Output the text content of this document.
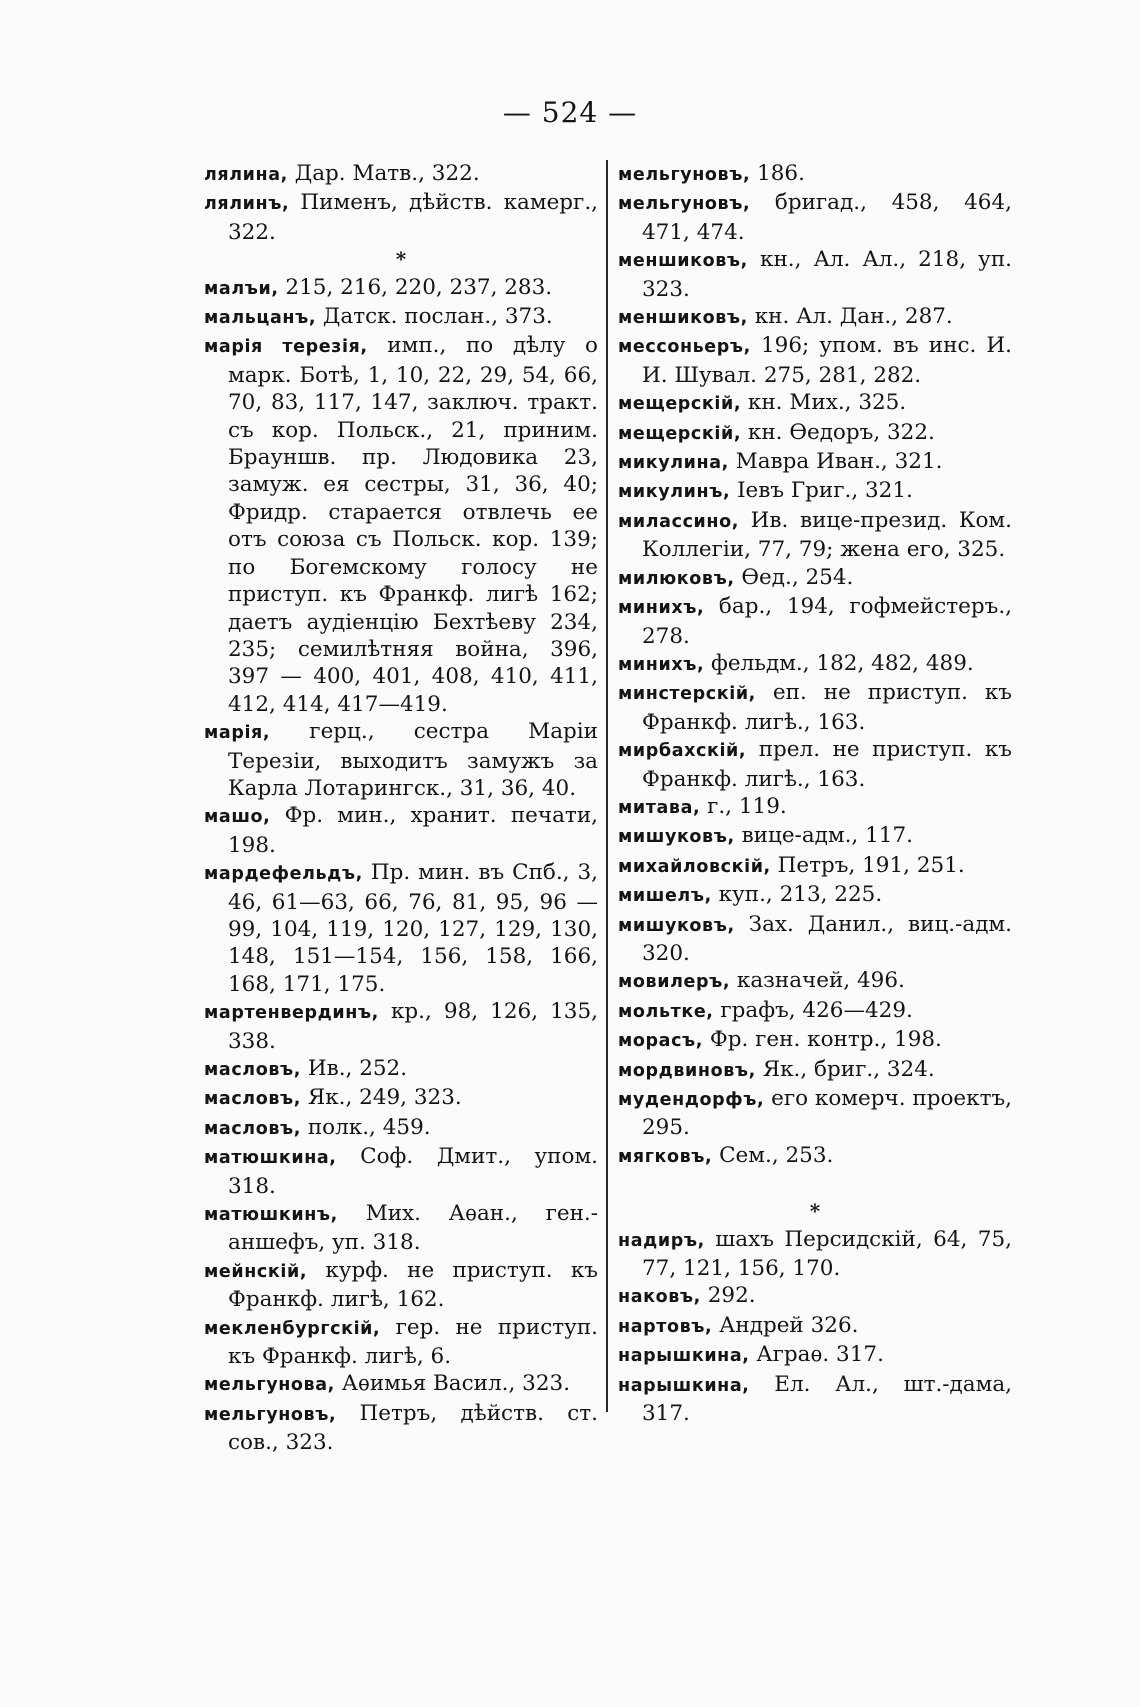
— 524 —
лялина, Дар. Матв., 322.
лялинъ, Пименъ, дѣйств. камерг., 322.
*
малъи, 215, 216, 220, 237, 283.
мальцанъ, Датск. послан., 373.
марія терезія, имп., по дѣлу о марк. Ботѣ, 1, 10, 22, 29, 54, 66, 70, 83, 117, 147, заключ. тракт. съ кор. Польск., 21, приним. Брауншв. пр. Людовика 23, замуж. ея сестры, 31, 36, 40; Фридр. старается отвлечь ее отъ союза съ Польск. кор. 139; по Богемскому голосу не приступ. къ Франкф. лигѣ 162; даетъ аудіенцію Бехтѣеву 234, 235; семилѣтняя война, 396, 397 — 400, 401, 408, 410, 411, 412, 414, 417—419.
марія, герц., сестра Маріи Терезіи, выходитъ замужъ за Карла Лотарингск., 31, 36, 40.
машо, Фр. мин., хранит. печати, 198.
мардефельдъ, Пр. мин. въ Спб., 3, 46, 61—63, 66, 76, 81, 95, 96 — 99, 104, 119, 120, 127, 129, 130, 148, 151—154, 156, 158, 166, 168, 171, 175.
мартенвердинъ, кр., 98, 126, 135, 338.
масловъ, Ив., 252.
масловъ, Як., 249, 323.
масловъ, полк., 459.
матюшкина, Соф. Дмит., упом. 318.
матюшкинъ, Мих. Аѳан., ген.-аншефъ, уп. 318.
мейнскій, курф. не приступ. къ Франкф. лигѣ, 162.
мекленбургскій, гер. не приступ. къ Франкф. лигѣ, 6.
мельгунова, Аѳимья Васил., 323.
мельгуновъ, Петръ, дѣйств. ст. сов., 323.
мельгуновъ, 186.
мельгуновъ, бригад., 458, 464, 471, 474.
меншиковъ, кн., Ал. Ал., 218, уп. 323.
меншиковъ, кн. Ал. Дан., 287.
мессоньеръ, 196; упом. въ инс. И. И. Шувал. 275, 281, 282.
мещерскій, кн. Мих., 325.
мещерскій, кн. Ѳедоръ, 322.
микулина, Мавра Иван., 321.
микулинъ, Іевъ Григ., 321.
милассино, Ив. вице-презид. Ком. Коллегіи, 77, 79; жена его, 325.
милюковъ, Ѳед., 254.
минихъ, бар., 194, гофмейстеръ., 278.
минихъ, фельдм., 182, 482, 489.
минстерскій, еп. не приступ. къ Франкф. лигѣ., 163.
мирбахскій, прел. не приступ. къ Франкф. лигѣ., 163.
митава, г., 119.
мишуковъ, вице-адм., 117.
михайловскій, Петръ, 191, 251.
мишелъ, куп., 213, 225.
мишуковъ, Зах. Данил., виц.-адм. 320.
мовилеръ, казначей, 496.
мольтке, графъ, 426—429.
морасъ, Фр. ген. контр., 198.
мордвиновъ, Як., бриг., 324.
мудендорфъ, его комерч. проектъ, 295.
мягковъ, Сем., 253.
*
надиръ, шахъ Персидскій, 64, 75, 77, 121, 156, 170.
наковъ, 292.
нартовъ, Андрей 326.
нарышкина, Аграѳ. 317.
нарышкина, Ел. Ал., шт.-дама, 317.
